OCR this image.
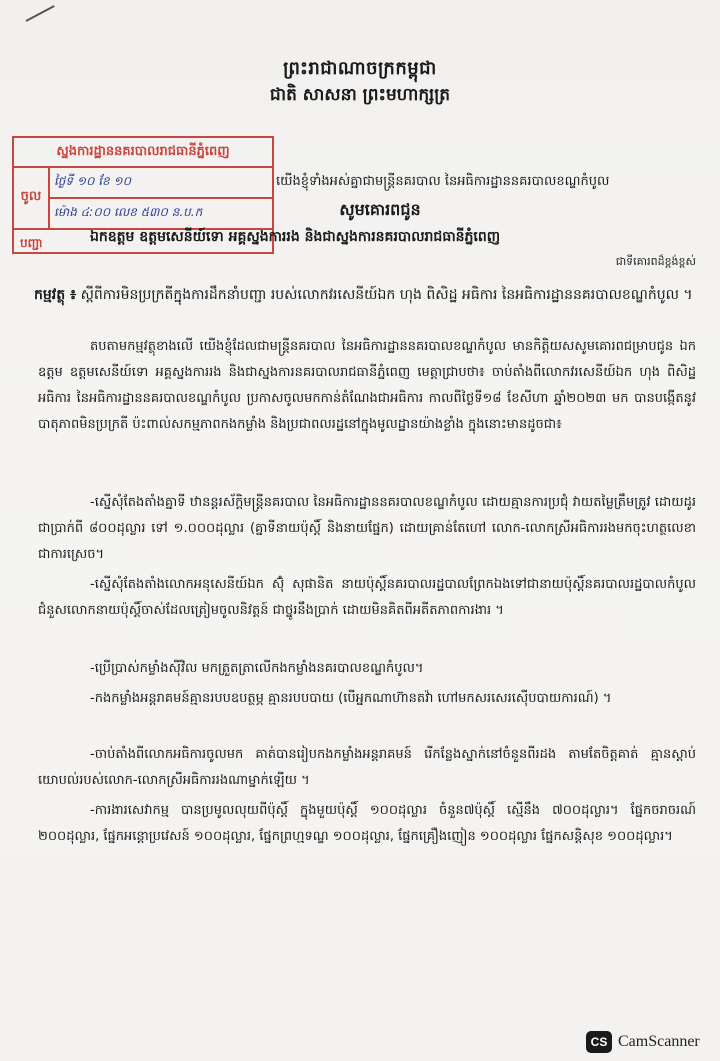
ព្រះរាជាណាចក្រកម្ពុជា
ជាតិ សាសនា ព្រះមហាក្សត្រ
ស្នងការដ្ឋាននគរបាលរាជធានីភ្នំពេញ
ចូល
ថ្ងៃទី ១០ ខែ ១០
ម៉ោង ៤:០០ លេខ ៥៣០ ន.ប.ក
បញ្ជា
យើងខ្ញុំទាំងអស់គ្នាជាមន្ត្រីនគរបាល នៃអធិការដ្ឋាននគរបាលខណ្ឌកំបូល
សូមគោរពជូន
ឯកឧត្តម ឧត្តមសេនីយ៍ទោ អគ្គស្នងការរង និងជាស្នងការនគរបាលរាជធានីភ្នំពេញ
ជាទីគោរពដ៏ខ្ពង់ខ្ពស់
កម្មវត្ថុ ៖ ស្តីពីការមិនប្រក្រតីក្នុងការដឹកនាំបញ្ជា របស់លោកវរសេនីយ៍ឯក ហុង ពិសិដ្ឋ អធិការ នៃអធិការដ្ឋាននគរបាលខណ្ឌកំបូល ។
តបតាមកម្មវត្ថុខាងលើ យើងខ្ញុំដែលជាមន្ត្រីនគរបាល នៃអធិការដ្ឋាននគរបាលខណ្ឌកំបូល មានកិត្តិយសសូមគោរពជម្រាបជូន ឯកឧត្តម ឧត្តមសេនីយ៍ទោ អគ្គស្នងការរង និងជាស្នងការនគរបាលរាជធានីភ្នំពេញ មេត្តាជ្រាបថា៖ ចាប់តាំងពីលោកវរសេនីយ៍ឯក ហុង ពិសិដ្ឋ អធិការ នៃអធិការដ្ឋាននគរបាលខណ្ឌកំបូល ប្រកាសចូលមកកាន់តំណែងជាអធិការ កាលពីថ្ងៃទី១៨ ខែសីហា ឆ្នាំ២០២៣ មក បានបង្កើតនូវបាតុភាពមិនប្រក្រតី ប៉ះពាល់សកម្មភាពកងកម្លាំង និងប្រជាពលរដ្ឋនៅក្នុងមូលដ្ឋានយ៉ាងខ្លាំង ក្នុងនោះមានដូចជា៖
-ស្នើសុំតែងតាំងគ្នាទី ឋានន្តរស័ក្តិមន្ត្រីនគរបាល នៃអធិការដ្ឋាននគរបាលខណ្ឌកំបូល ដោយគ្មានការប្រជុំ វាយតម្លៃត្រឹមត្រូវ ដោយដូរជាប្រាក់ពី ៨០០ដុល្លារ ទៅ ១.០០០ដុល្លារ (គ្នាទីនាយប៉ុស្តិ៍ និងនាយផ្នែក) ដោយគ្រាន់តែហៅ លោក-លោកស្រីអធិការរងមកចុះហត្ថលេខា ជាការស្រេច។
-ស្នើសុំតែងតាំងលោកអនុសេនីយ៍ឯក ស៊ុំ សុផានិត នាយប៉ុស្តិ៍នគរបាលរដ្ឋបាលព្រែកឯងទៅជានាយប៉ុស្តិ៍នគរបាលរដ្ឋបាលកំបូល ជំនួសលោកនាយប៉ុស្តិ៍ចាស់ដែលត្រៀមចូលនិវត្តន៍ ជាថ្នូរនឹងប្រាក់ ដោយមិនគិតពីអតីតភាពការងារ ។
-ប្រើប្រាស់កម្លាំងស៊ីវិល មកត្រួតត្រាលើកងកម្លាំងនគរបាលខណ្ឌកំបូល។
-កងកម្លាំងអន្តរាគមន៍គ្មានរបបឧបត្ថម្ភ គ្មានរបបបាយ (បើអ្នកណាហ៊ានតវ៉ា ហៅមកសរសេរស៊ើបបាយការណ៍) ។
-ចាប់តាំងពីលោកអធិការចូលមក គាត់បានរៀបកងកម្លាំងអន្តរាគមន៍ រើកន្លែងស្នាក់នៅចំនួនពីរដង តាមតែចិត្តគាត់ គ្មានស្តាប់យោបល់របស់លោក-លោកស្រីអធិការរងណាម្នាក់ឡើយ ។
-ការងារសេវាកម្ម បានប្រមូលលុយពីប៉ុស្តិ៍ ក្នុងមួយប៉ុស្តិ៍ ១០០ដុល្លារ ចំនួន៧ប៉ុស្តិ៍ ស្មើនឹង ៧០០ដុល្លារ។ ផ្នែកចរាចរណ៍ ២០០ដុល្លារ, ផ្នែកអន្តោប្រវេសន៍ ១០០ដុល្លារ, ផ្នែកព្រហ្មទណ្ឌ ១០០ដុល្លារ, ផ្នែកគ្រឿងញៀន ១០០ដុល្លារ ផ្នែកសន្តិសុខ ១០០ដុល្លារ។
CS CamScanner
